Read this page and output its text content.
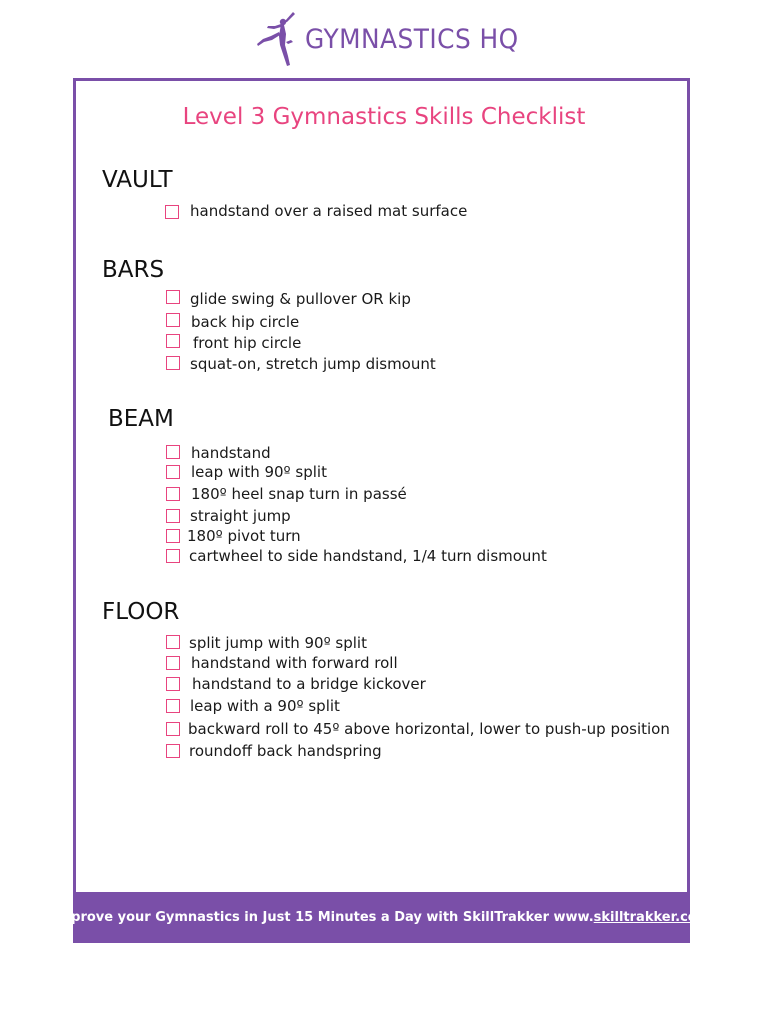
GYMNASTICS HQ
Level 3 Gymnastics Skills Checklist
VAULT
handstand over a raised mat surface
BARS
glide swing & pullover OR kip
back hip circle
front hip circle
squat-on, stretch jump dismount
BEAM
handstand
leap with 90º split
180º heel snap turn in passé
straight jump
180º pivot turn
cartwheel to side handstand, 1/4 turn dismount
FLOOR
split jump with 90º split
handstand with forward roll
handstand to a bridge kickover
leap with a 90º split
backward roll to 45º above horizontal, lower to push-up position
roundoff back handspring
Improve your Gymnastics in Just 15 Minutes a Day with SkillTrakker www. skilltrakker.com
